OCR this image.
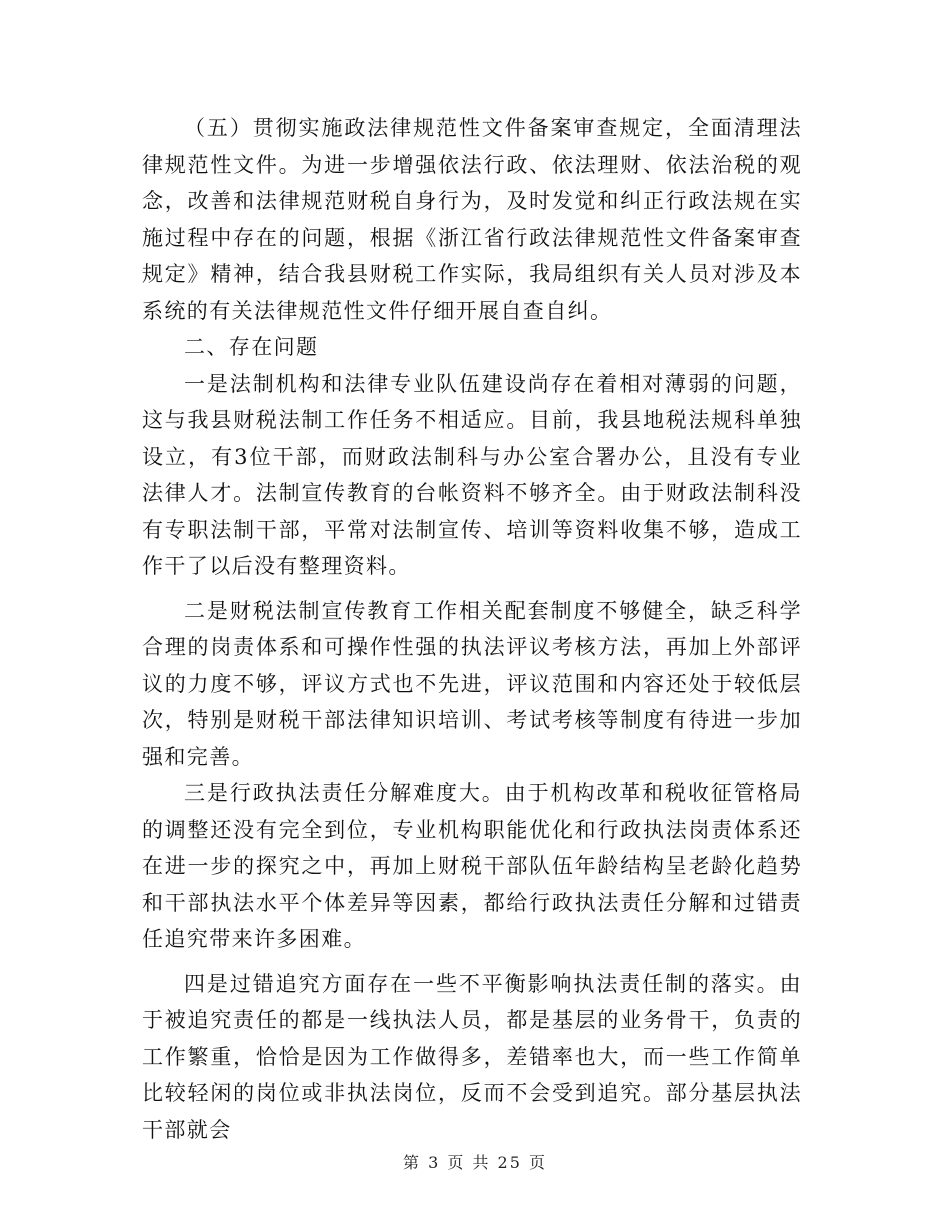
（五）贯彻实施政法律规范性文件备案审查规定，全面清理法律规范性文件。为进一步增强依法行政、依法理财、依法治税的观念，改善和法律规范财税自身行为，及时发觉和纠正行政法规在实施过程中存在的问题，根据《浙江省行政法律规范性文件备案审查规定》精神，结合我县财税工作实际，我局组织有关人员对涉及本系统的有关法律规范性文件仔细开展自查自纠。

二、存在问题

一是法制机构和法律专业队伍建设尚存在着相对薄弱的问题，这与我县财税法制工作任务不相适应。目前，我县地税法规科单独设立，有3位干部，而财政法制科与办公室合署办公，且没有专业法律人才。法制宣传教育的台帐资料不够齐全。由于财政法制科没有专职法制干部，平常对法制宣传、培训等资料收集不够，造成工作干了以后没有整理资料。

二是财税法制宣传教育工作相关配套制度不够健全，缺乏科学合理的岗责体系和可操作性强的执法评议考核方法，再加上外部评议的力度不够，评议方式也不先进，评议范围和内容还处于较低层次，特别是财税干部法律知识培训、考试考核等制度有待进一步加强和完善。

三是行政执法责任分解难度大。由于机构改革和税收征管格局的调整还没有完全到位，专业机构职能优化和行政执法岗责体系还在进一步的探究之中，再加上财税干部队伍年龄结构呈老龄化趋势和干部执法水平个体差异等因素，都给行政执法责任分解和过错责任追究带来许多困难。

四是过错追究方面存在一些不平衡影响执法责任制的落实。由于被追究责任的都是一线执法人员，都是基层的业务骨干，负责的工作繁重，恰恰是因为工作做得多，差错率也大，而一些工作简单比较轻闲的岗位或非执法岗位，反而不会受到追究。部分基层执法干部就会

第 3 页 共 25 页
